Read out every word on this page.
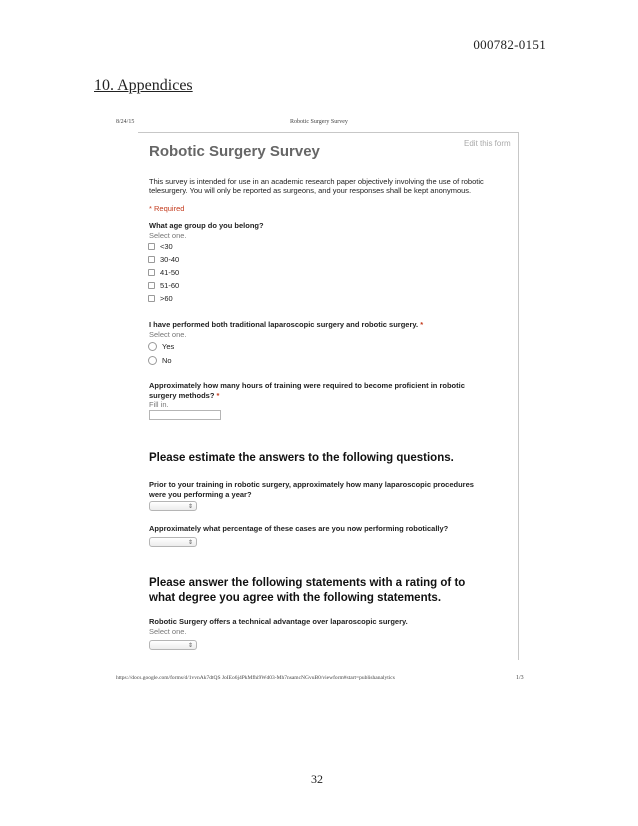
000782-0151
10. Appendices
8/24/15	Robotic Surgery Survey
Edit this form
Robotic Surgery Survey
This survey is intended for use in an academic research paper objectively involving the use of robotic telesurgery. You will only be reported as surgeons, and your responses shall be kept anonymous.
* Required
What age group do you belong?
Select one.
<30
30-40
41-50
51-60
>60
I have performed both traditional laparoscopic surgery and robotic surgery. *
Select one.
Yes
No
Approximately how many hours of training were required to become proficient in robotic surgery methods? *
Fill in.
Please estimate the answers to the following questions.
Prior to your training in robotic surgery, approximately how many laparoscopic procedures were you performing a year?
⇕
Approximately what percentage of these cases are you now performing robotically?
⇕
Please answer the following statements with a rating of to what degree you agree with the following statements.
Robotic Surgery offers a technical advantage over laparoscopic surgery.
Select one.
⇕
https://docs.google.com/forms/d/1vvnAk7dtQS JoIEo6j4PkMfhi9Wd03-Mh7nsamcNGvuB0/viewform#start=publishanalytics	1/3
32
